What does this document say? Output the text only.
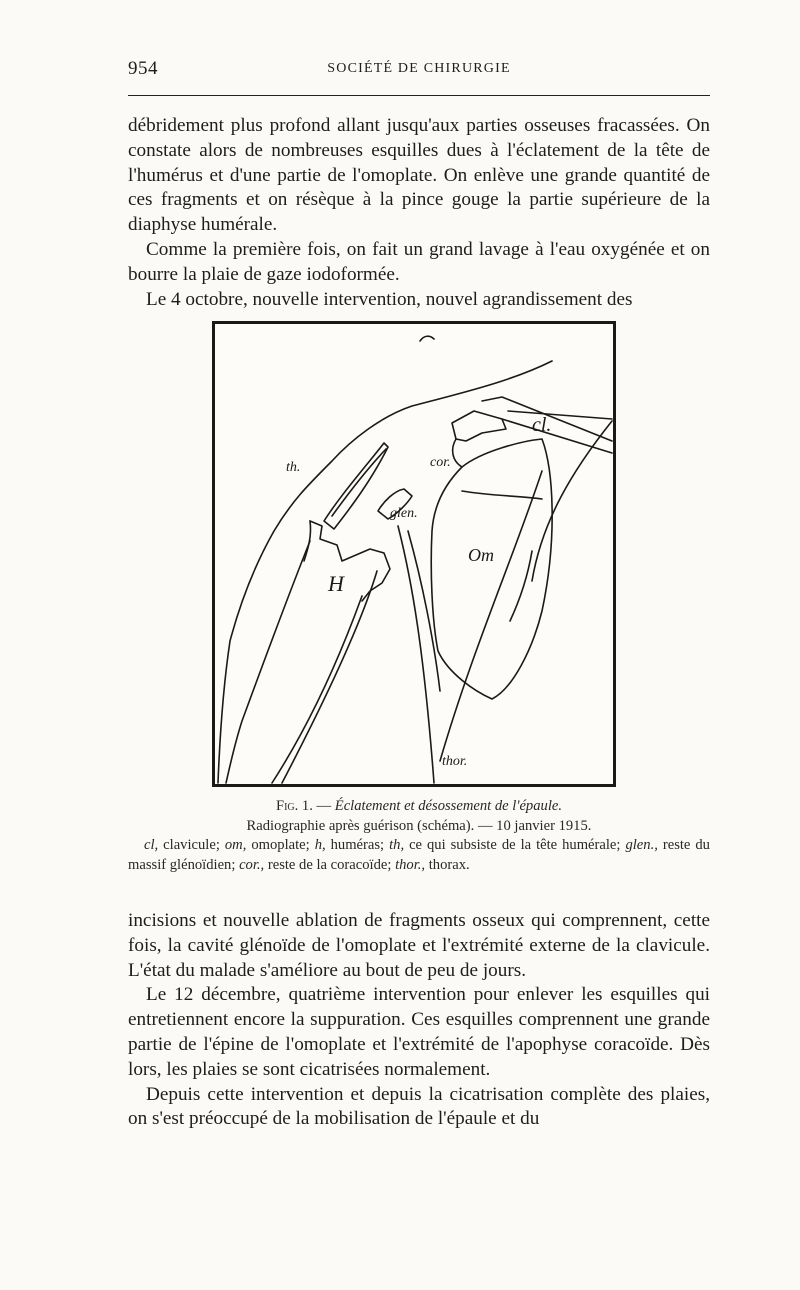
954	SOCIÉTÉ DE CHIRURGIE

débridement plus profond allant jusqu'aux parties osseuses fracassées. On constate alors de nombreuses esquilles dues à l'éclatement de la tête de l'humérus et d'une partie de l'omoplate. On enlève une grande quantité de ces fragments et on résèque à la pince gouge la partie supérieure de la diaphyse humérale.

Comme la première fois, on fait un grand lavage à l'eau oxygénée et on bourre la plaie de gaze iodoformée.

Le 4 octobre, nouvelle intervention, nouvel agrandissement des

cl.
cor.
th.
glen.
H
Om
thor.
Fig. 1. — Éclatement et désossement de l'épaule.
Radiographie après guérison (schéma). — 10 janvier 1915.
cl, clavicule; om, omoplate; h, huméras; th, ce qui subsiste de la tête humérale; glen., reste du massif glénoïdien; cor., reste de la coracoïde; thor., thorax.

incisions et nouvelle ablation de fragments osseux qui comprennent, cette fois, la cavité glénoïde de l'omoplate et l'extrémité externe de la clavicule. L'état du malade s'améliore au bout de peu de jours.

Le 12 décembre, quatrième intervention pour enlever les esquilles qui entretiennent encore la suppuration. Ces esquilles comprennent une grande partie de l'épine de l'omoplate et l'extrémité de l'apophyse coracoïde. Dès lors, les plaies se sont cicatrisées normalement.

Depuis cette intervention et depuis la cicatrisation complète des plaies, on s'est préoccupé de la mobilisation de l'épaule et du
